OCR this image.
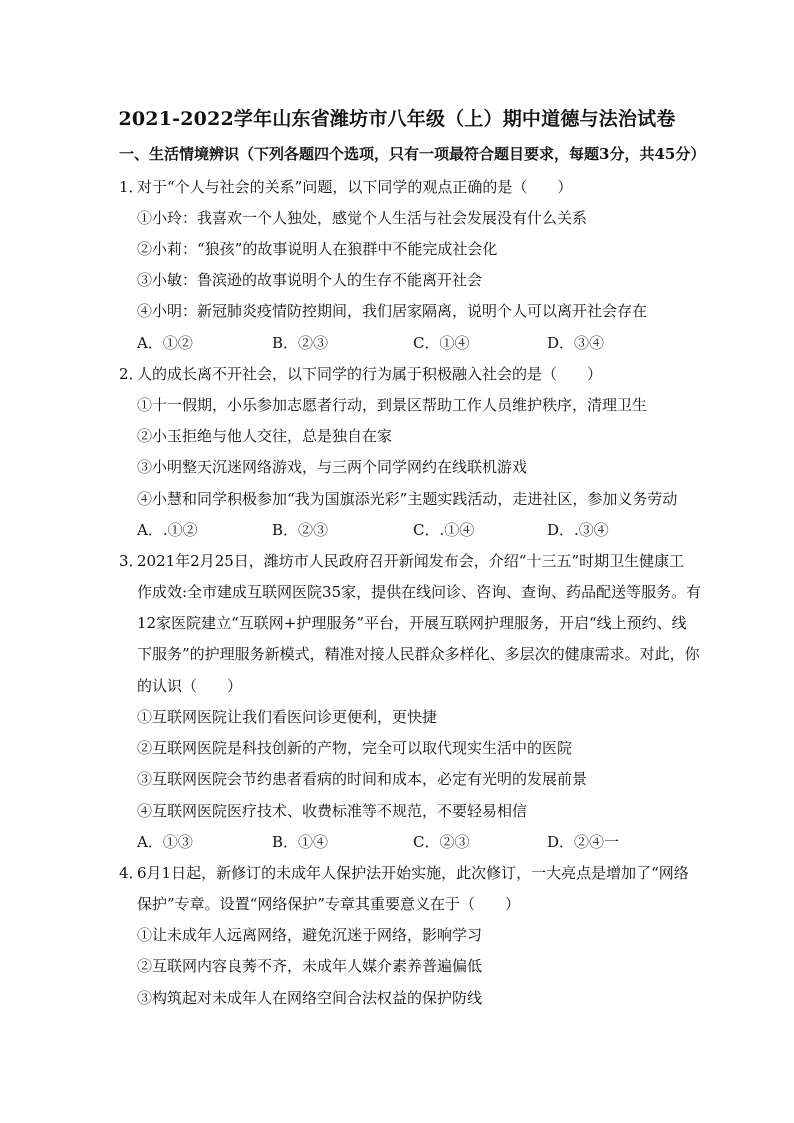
2021-2022学年山东省潍坊市八年级（上）期中道德与法治试卷
一、生活情境辨识（下列各题四个选项，只有一项最符合题目要求，每题3分，共45分）
1．
对于“个人与社会的关系”问题，以下同学的观点正确的是（　　）
①小玲：我喜欢一个人独处，感觉个人生活与社会发展没有什么关系
②小莉：“狼孩”的故事说明人在狼群中不能完成社会化
③小敏：鲁滨逊的故事说明个人的生存不能离开社会
④小明：新冠肺炎疫情防控期间，我们居家隔离，说明个人可以离开社会存在
A．①②	B．②③	C．①④	D．③④
2．
人的成长离不开社会，以下同学的行为属于积极融入社会的是（　　）
①十一假期，小乐参加志愿者行动，到景区帮助工作人员维护秩序，清理卫生
②小玉拒绝与他人交往，总是独自在家
③小明整天沉迷网络游戏，与三两个同学网约在线联机游戏
④小慧和同学积极参加“我为国旗添光彩”主题实践活动，走进社区，参加义务劳动
A．.①②	B．②③	C．.①④	D．.③④
3．
2021年2月25日，潍坊市人民政府召开新闻发布会，介绍“十三五”时期卫生健康工
作成效:全市建成互联网医院35家，提供在线问诊、咨询、查询、药品配送等服务。有
12家医院建立“互联网+护理服务”平台，开展互联网护理服务，开启“线上预约、线
下服务”的护理服务新模式，精准对接人民群众多样化、多层次的健康需求。对此，你
的认识（　　）
①互联网医院让我们看医问诊更便利，更快捷
②互联网医院是科技创新的产物，完全可以取代现实生活中的医院
③互联网医院会节约患者看病的时间和成本，必定有光明的发展前景
④互联网医院医疗技术、收费标准等不规范，不要轻易相信
A．①③	B．①④	C．②③	D．②④一
4．
6月1日起，新修订的未成年人保护法开始实施，此次修订，一大亮点是增加了“网络
保护”专章。设置“网络保护”专章其重要意义在于（　　）
①让未成年人远离网络，避免沉迷于网络，影响学习
②互联网内容良莠不齐，未成年人媒介素养普遍偏低
③构筑起对未成年人在网络空间合法权益的保护防线
